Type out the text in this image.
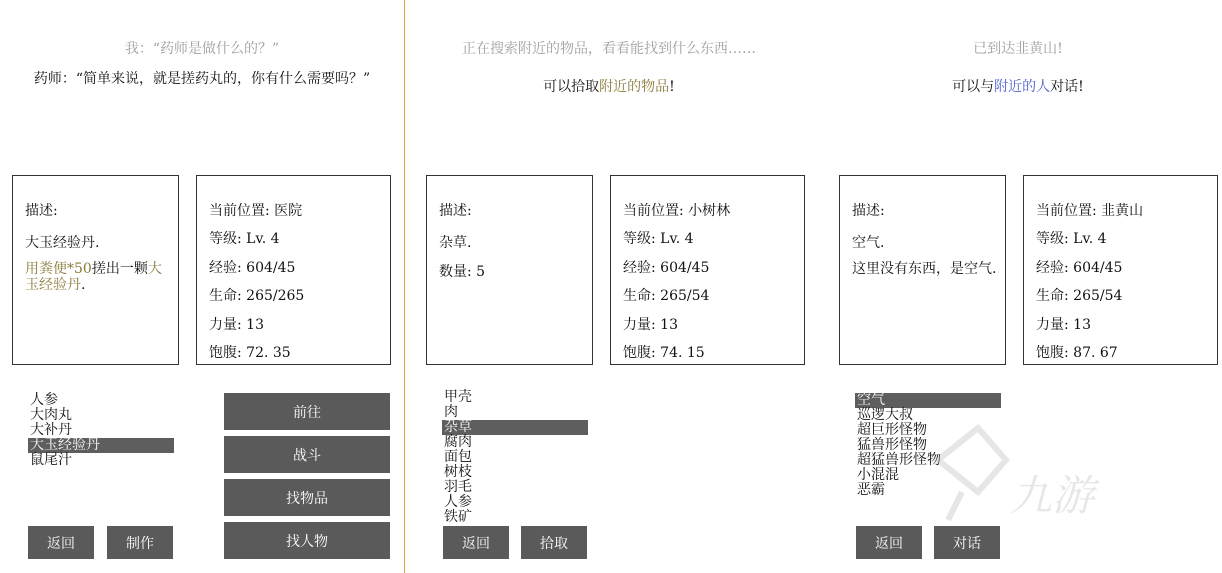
我：“药师是做什么的？”
药师：“简单来说，就是搓药丸的，你有什么需要吗？”
描述:
大玉经验丹.
用粪便*50搓出一颗大玉经验丹.
当前位置: 医院
等级: Lv. 4
经验: 604/45
生命: 265/265
力量: 13
饱腹: 72. 35
人参
大肉丸
大补丹
大玉经验丹
鼠尾汁
前往
战斗
找物品
找人物
返回	制作
正在搜索附近的物品，看看能找到什么东西……
可以拾取附近的物品!
描述:
杂草.
数量: 5
当前位置: 小树林
等级: Lv. 4
经验: 604/45
生命: 265/54
力量: 13
饱腹: 74. 15
甲壳
肉
杂草
腐肉
面包
树枝
羽毛
人参
铁矿
返回	拾取
已到达韭黄山!
可以与附近的人对话!
描述:
空气.
这里没有东西，是空气.
当前位置: 韭黄山
等级: Lv. 4
经验: 604/45
生命: 265/54
力量: 13
饱腹: 87. 67
空气
巡逻大叔
超巨形怪物
猛兽形怪物
超猛兽形怪物
小混混
恶霸
返回	对话
九游
